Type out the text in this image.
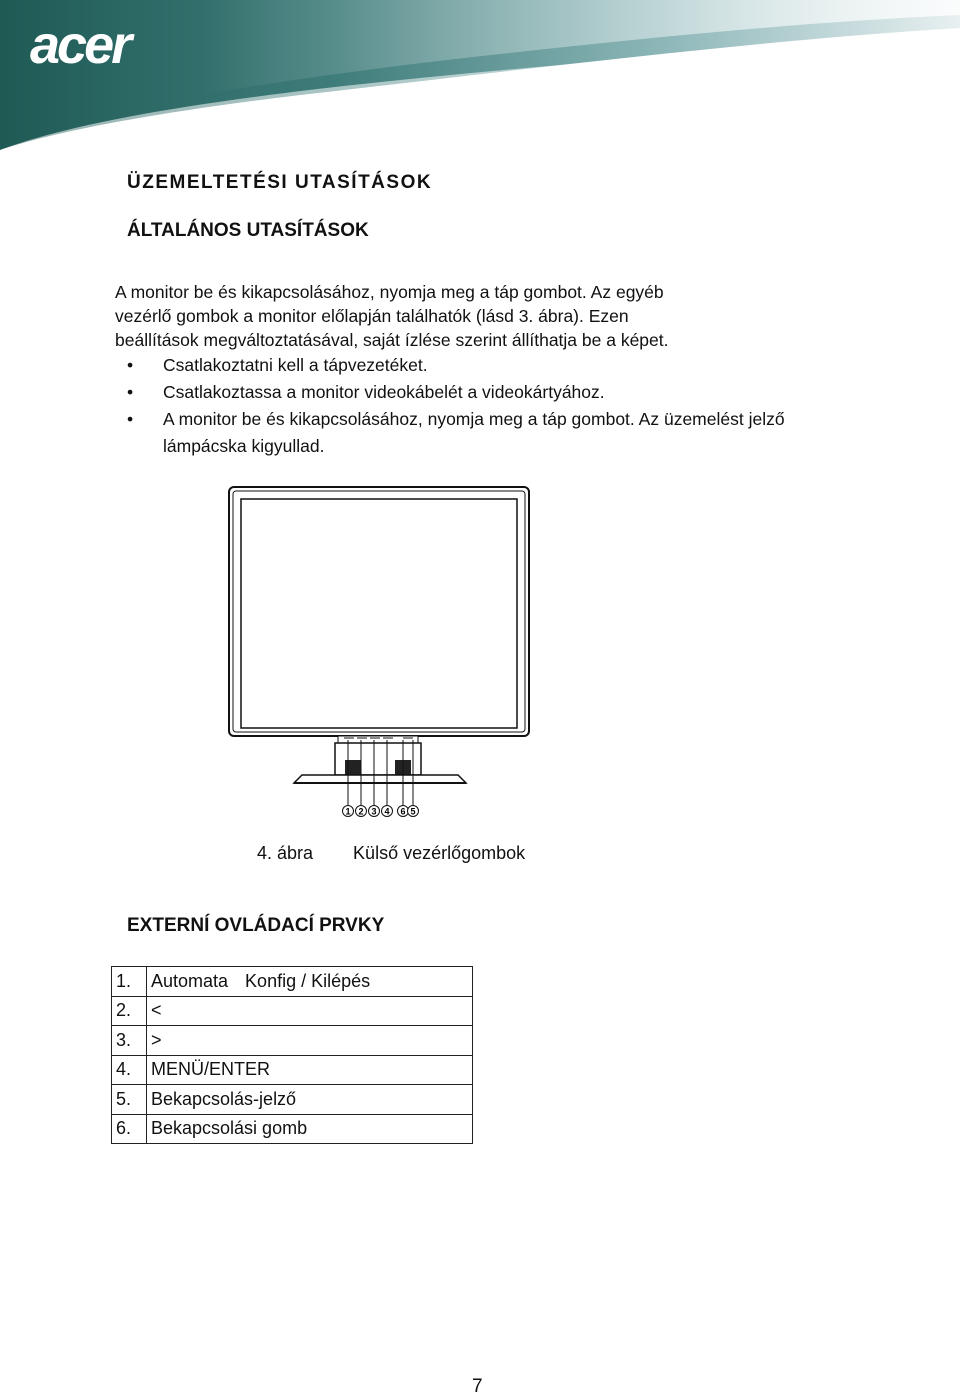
acer
ÜZEMELTETÉSI UTASÍTÁSOK
ÁLTALÁNOS UTASÍTÁSOK
A monitor be és kikapcsolásához, nyomja meg a táp gombot. Az egyéb
vezérlő gombok a monitor előlapján találhatók (lásd 3. ábra). Ezen
beállítások megváltoztatásával, saját ízlése szerint állíthatja be a képet.
• Csatlakoztatni kell a tápvezetéket.
• Csatlakoztassa a monitor videokábelét a videokártyához.
• A monitor be és kikapcsolásához, nyomja meg a táp gombot. Az üzemelést jelző lámpácska kigyullad.
1 2 3 4 6 5
4. ábra Külső vezérlőgombok
EXTERNÍ OVLÁDACÍ PRVKY
1.	Automata Konfig / Kilépés
2.	<
3.	>
4.	MENÜ/ENTER
5.	Bekapcsolás-jelző
6.	Bekapcsolási gomb
7
